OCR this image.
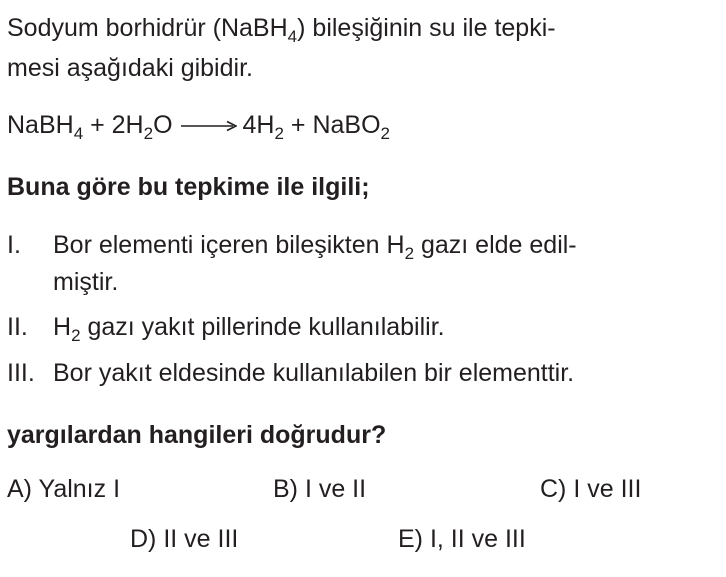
Sodyum borhidrür (NaBH$_4$) bileşiğinin su ile tepki-
mesi aşağıdaki gibidir.
NaBH$_4$ + $2H_2O \to 4H_2$ + NaBO$_2$
Buna göre bu tepkime ile ilgili;
I. Bor elementi içeren bileşikten $H_2$ gazı elde edil-
miştir.
II. $H_2$ gazı yakıt pillerinde kullanılabilir.
III. Bor yakıt eldesinde kullanılabilen bir elementtir.
yargılardan hangileri doğrudur?
A) Yalnız I	B) I ve II	C) I ve III
D) II ve III	E) I, II ve III
